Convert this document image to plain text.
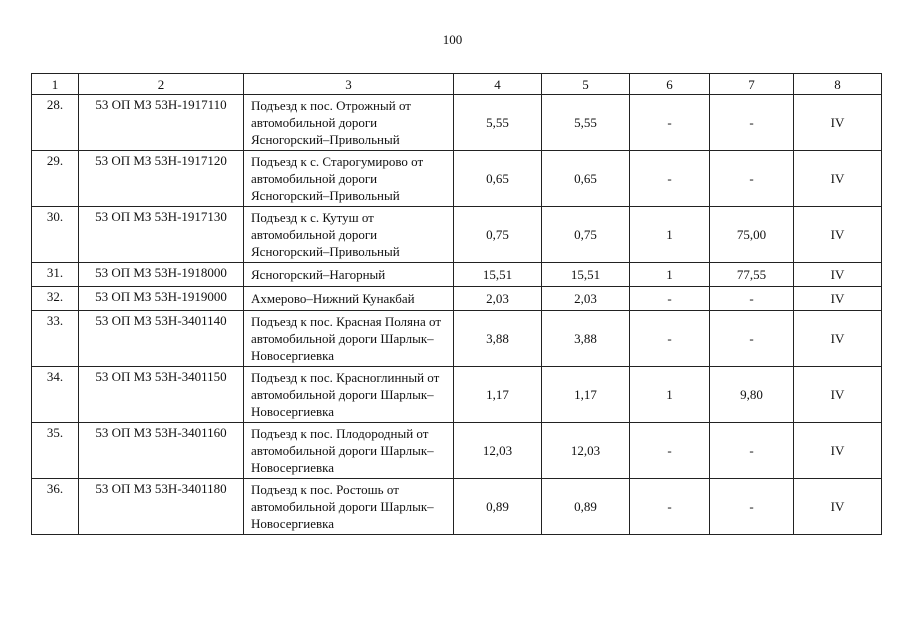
100
1	2	3	4	5	6	7	8
28.	53 ОП МЗ 53Н-1917110	Подъезд к пос. Отрожный от автомобильной дороги Ясногорский–Привольный	5,55	5,55	-	-	IV
29.	53 ОП МЗ 53Н-1917120	Подъезд к с. Старогумирово от автомобильной дороги Ясногорский–Привольный	0,65	0,65	-	-	IV
30.	53 ОП МЗ 53Н-1917130	Подъезд к с. Кутуш от автомобильной дороги Ясногорский–Привольный	0,75	0,75	1	75,00	IV
31.	53 ОП МЗ 53Н-1918000	Ясногорский–Нагорный	15,51	15,51	1	77,55	IV
32.	53 ОП МЗ 53Н-1919000	Ахмерово–Нижний Кунакбай	2,03	2,03	-	-	IV
33.	53 ОП МЗ 53Н-3401140	Подъезд к пос. Красная Поляна от автомобильной дороги Шарлык–Новосергиевка	3,88	3,88	-	-	IV
34.	53 ОП МЗ 53Н-3401150	Подъезд к пос. Красноглинный от автомобильной дороги Шарлык–Новосергиевка	1,17	1,17	1	9,80	IV
35.	53 ОП МЗ 53Н-3401160	Подъезд к пос. Плодородный от автомобильной дороги Шарлык–Новосергиевка	12,03	12,03	-	-	IV
36.	53 ОП МЗ 53Н-3401180	Подъезд к пос. Ростошь от автомобильной дороги Шарлык–Новосергиевка	0,89	0,89	-	-	IV
